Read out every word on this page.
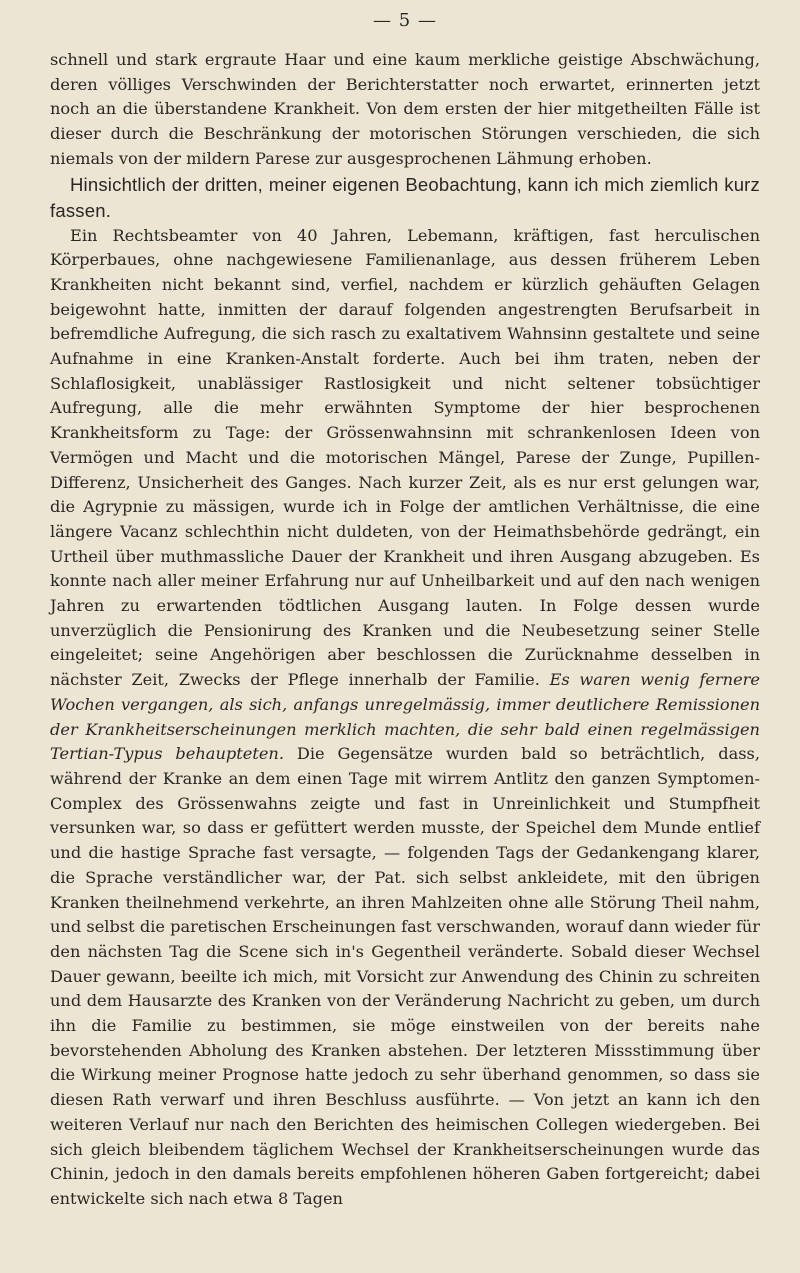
— 5 —

schnell und stark ergraute Haar und eine kaum merkliche geistige Abschwächung, deren völliges Verschwinden der Berichterstatter noch erwartet, erinnerten jetzt noch an die überstandene Krankheit. Von dem ersten der hier mitgetheilten Fälle ist dieser durch die Beschränkung der motorischen Störungen verschieden, die sich niemals von der mildern Parese zur ausgesprochenen Lähmung erhoben.

Hinsichtlich der dritten, meiner eigenen Beobachtung, kann ich mich ziemlich kurz fassen.

Ein Rechtsbeamter von 40 Jahren, Lebemann, kräftigen, fast herculischen Körperbaues, ohne nachgewiesene Familienanlage, aus dessen früherem Leben Krankheiten nicht bekannt sind, verfiel, nachdem er kürzlich gehäuften Gelagen beigewohnt hatte, inmitten der darauf folgenden angestrengten Berufsarbeit in befremdliche Aufregung, die sich rasch zu exaltativem Wahnsinn gestaltete und seine Aufnahme in eine Kranken-Anstalt forderte. Auch bei ihm traten, neben der Schlaflosigkeit, unablässiger Rastlosigkeit und nicht seltener tobsüchtiger Aufregung, alle die mehr erwähnten Symptome der hier besprochenen Krankheitsform zu Tage: der Grössenwahnsinn mit schrankenlosen Ideen von Vermögen und Macht und die motorischen Mängel, Parese der Zunge, Pupillen-Differenz, Unsicherheit des Ganges. Nach kurzer Zeit, als es nur erst gelungen war, die Agrypnie zu mässigen, wurde ich in Folge der amtlichen Verhältnisse, die eine längere Vacanz schlechthin nicht duldeten, von der Heimathsbehörde gedrängt, ein Urtheil über muthmassliche Dauer der Krankheit und ihren Ausgang abzugeben. Es konnte nach aller meiner Erfahrung nur auf Unheilbarkeit und auf den nach wenigen Jahren zu erwartenden tödtlichen Ausgang lauten. In Folge dessen wurde unverzüglich die Pensionirung des Kranken und die Neubesetzung seiner Stelle eingeleitet; seine Angehörigen aber beschlossen die Zurücknahme desselben in nächster Zeit, Zwecks der Pflege innerhalb der Familie. Es waren wenig fernere Wochen vergangen, als sich, anfangs unregelmässig, immer deutlichere Remissionen der Krankheitserscheinungen merklich machten, die sehr bald einen regelmässigen Tertian-Typus behaupteten. Die Gegensätze wurden bald so beträchtlich, dass, während der Kranke an dem einen Tage mit wirrem Antlitz den ganzen Symptomen-Complex des Grössenwahns zeigte und fast in Unreinlichkeit und Stumpfheit versunken war, so dass er gefüttert werden musste, der Speichel dem Munde entlief und die hastige Sprache fast versagte, — folgenden Tags der Gedankengang klarer, die Sprache verständlicher war, der Pat. sich selbst ankleidete, mit den übrigen Kranken theilnehmend verkehrte, an ihren Mahlzeiten ohne alle Störung Theil nahm, und selbst die paretischen Erscheinungen fast verschwanden, worauf dann wieder für den nächsten Tag die Scene sich in's Gegentheil veränderte. Sobald dieser Wechsel Dauer gewann, beeilte ich mich, mit Vorsicht zur Anwendung des Chinin zu schreiten und dem Hausarzte des Kranken von der Veränderung Nachricht zu geben, um durch ihn die Familie zu bestimmen, sie möge einstweilen von der bereits nahe bevorstehenden Abholung des Kranken abstehen. Der letzteren Missstimmung über die Wirkung meiner Prognose hatte jedoch zu sehr überhand genommen, so dass sie diesen Rath verwarf und ihren Beschluss ausführte. — Von jetzt an kann ich den weiteren Verlauf nur nach den Berichten des heimischen Collegen wiedergeben. Bei sich gleich bleibendem täglichem Wechsel der Krankheitserscheinungen wurde das Chinin, jedoch in den damals bereits empfohlenen höheren Gaben fortgereicht; dabei entwickelte sich nach etwa 8 Tagen
